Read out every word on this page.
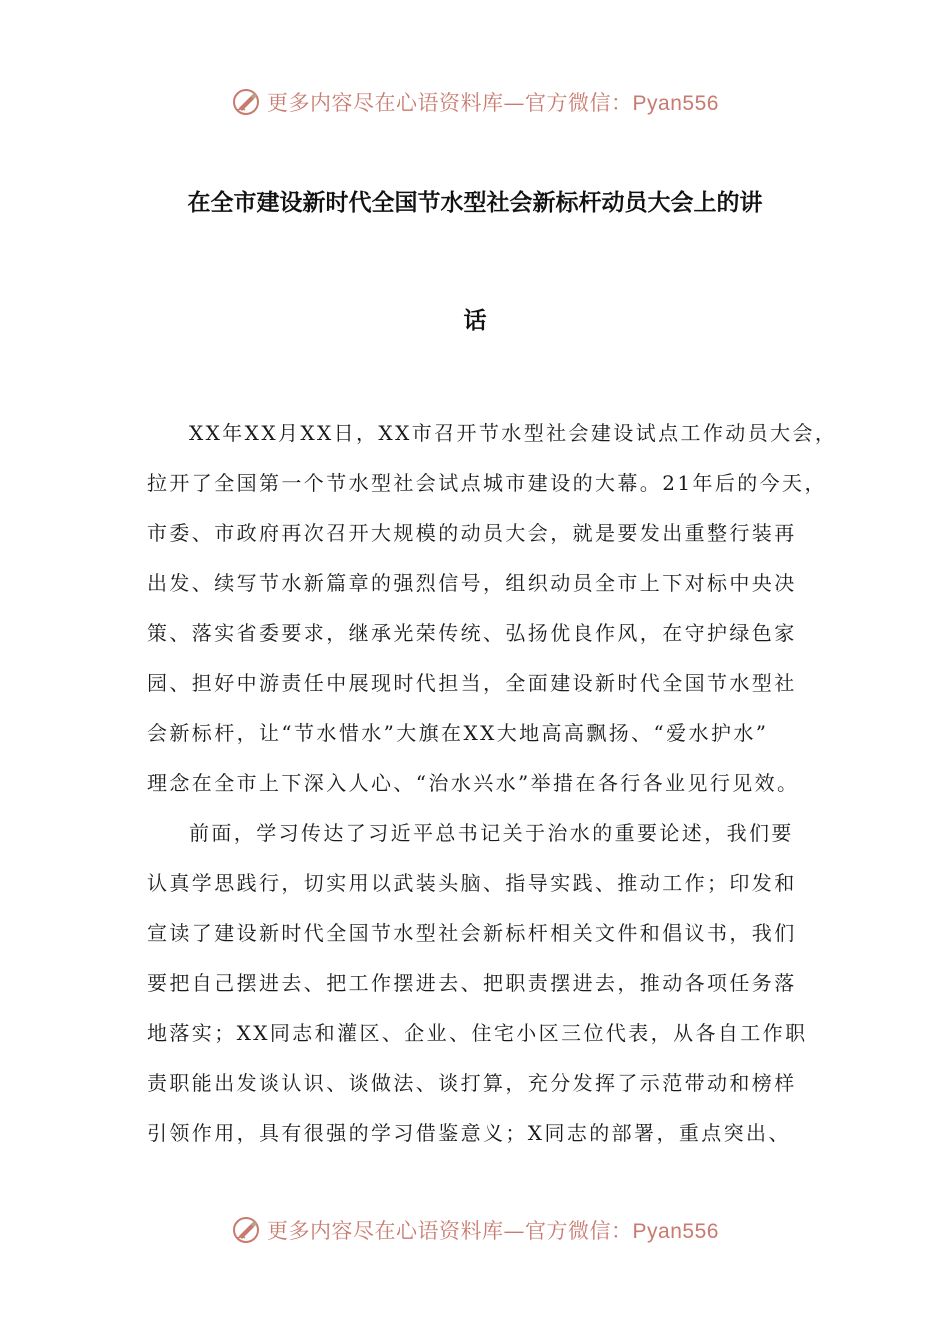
更多内容尽在心语资料库—官方微信：Pyan556
在全市建设新时代全国节水型社会新标杆动员大会上的讲
话
XX年XX月XX日，XX市召开节水型社会建设试点工作动员大会，
拉开了全国第一个节水型社会试点城市建设的大幕。21年后的今天，
市委、市政府再次召开大规模的动员大会，就是要发出重整行装再
出发、续写节水新篇章的强烈信号，组织动员全市上下对标中央决
策、落实省委要求，继承光荣传统、弘扬优良作风，在守护绿色家
园、担好中游责任中展现时代担当，全面建设新时代全国节水型社
会新标杆，让“节水惜水”大旗在XX大地高高飘扬、“爱水护水”
理念在全市上下深入人心、“治水兴水”举措在各行各业见行见效。
前面，学习传达了习近平总书记关于治水的重要论述，我们要
认真学思践行，切实用以武装头脑、指导实践、推动工作；印发和
宣读了建设新时代全国节水型社会新标杆相关文件和倡议书，我们
要把自己摆进去、把工作摆进去、把职责摆进去，推动各项任务落
地落实；XX同志和灌区、企业、住宅小区三位代表，从各自工作职
责职能出发谈认识、谈做法、谈打算，充分发挥了示范带动和榜样
引领作用，具有很强的学习借鉴意义；X同志的部署，重点突出、
更多内容尽在心语资料库—官方微信：Pyan556
